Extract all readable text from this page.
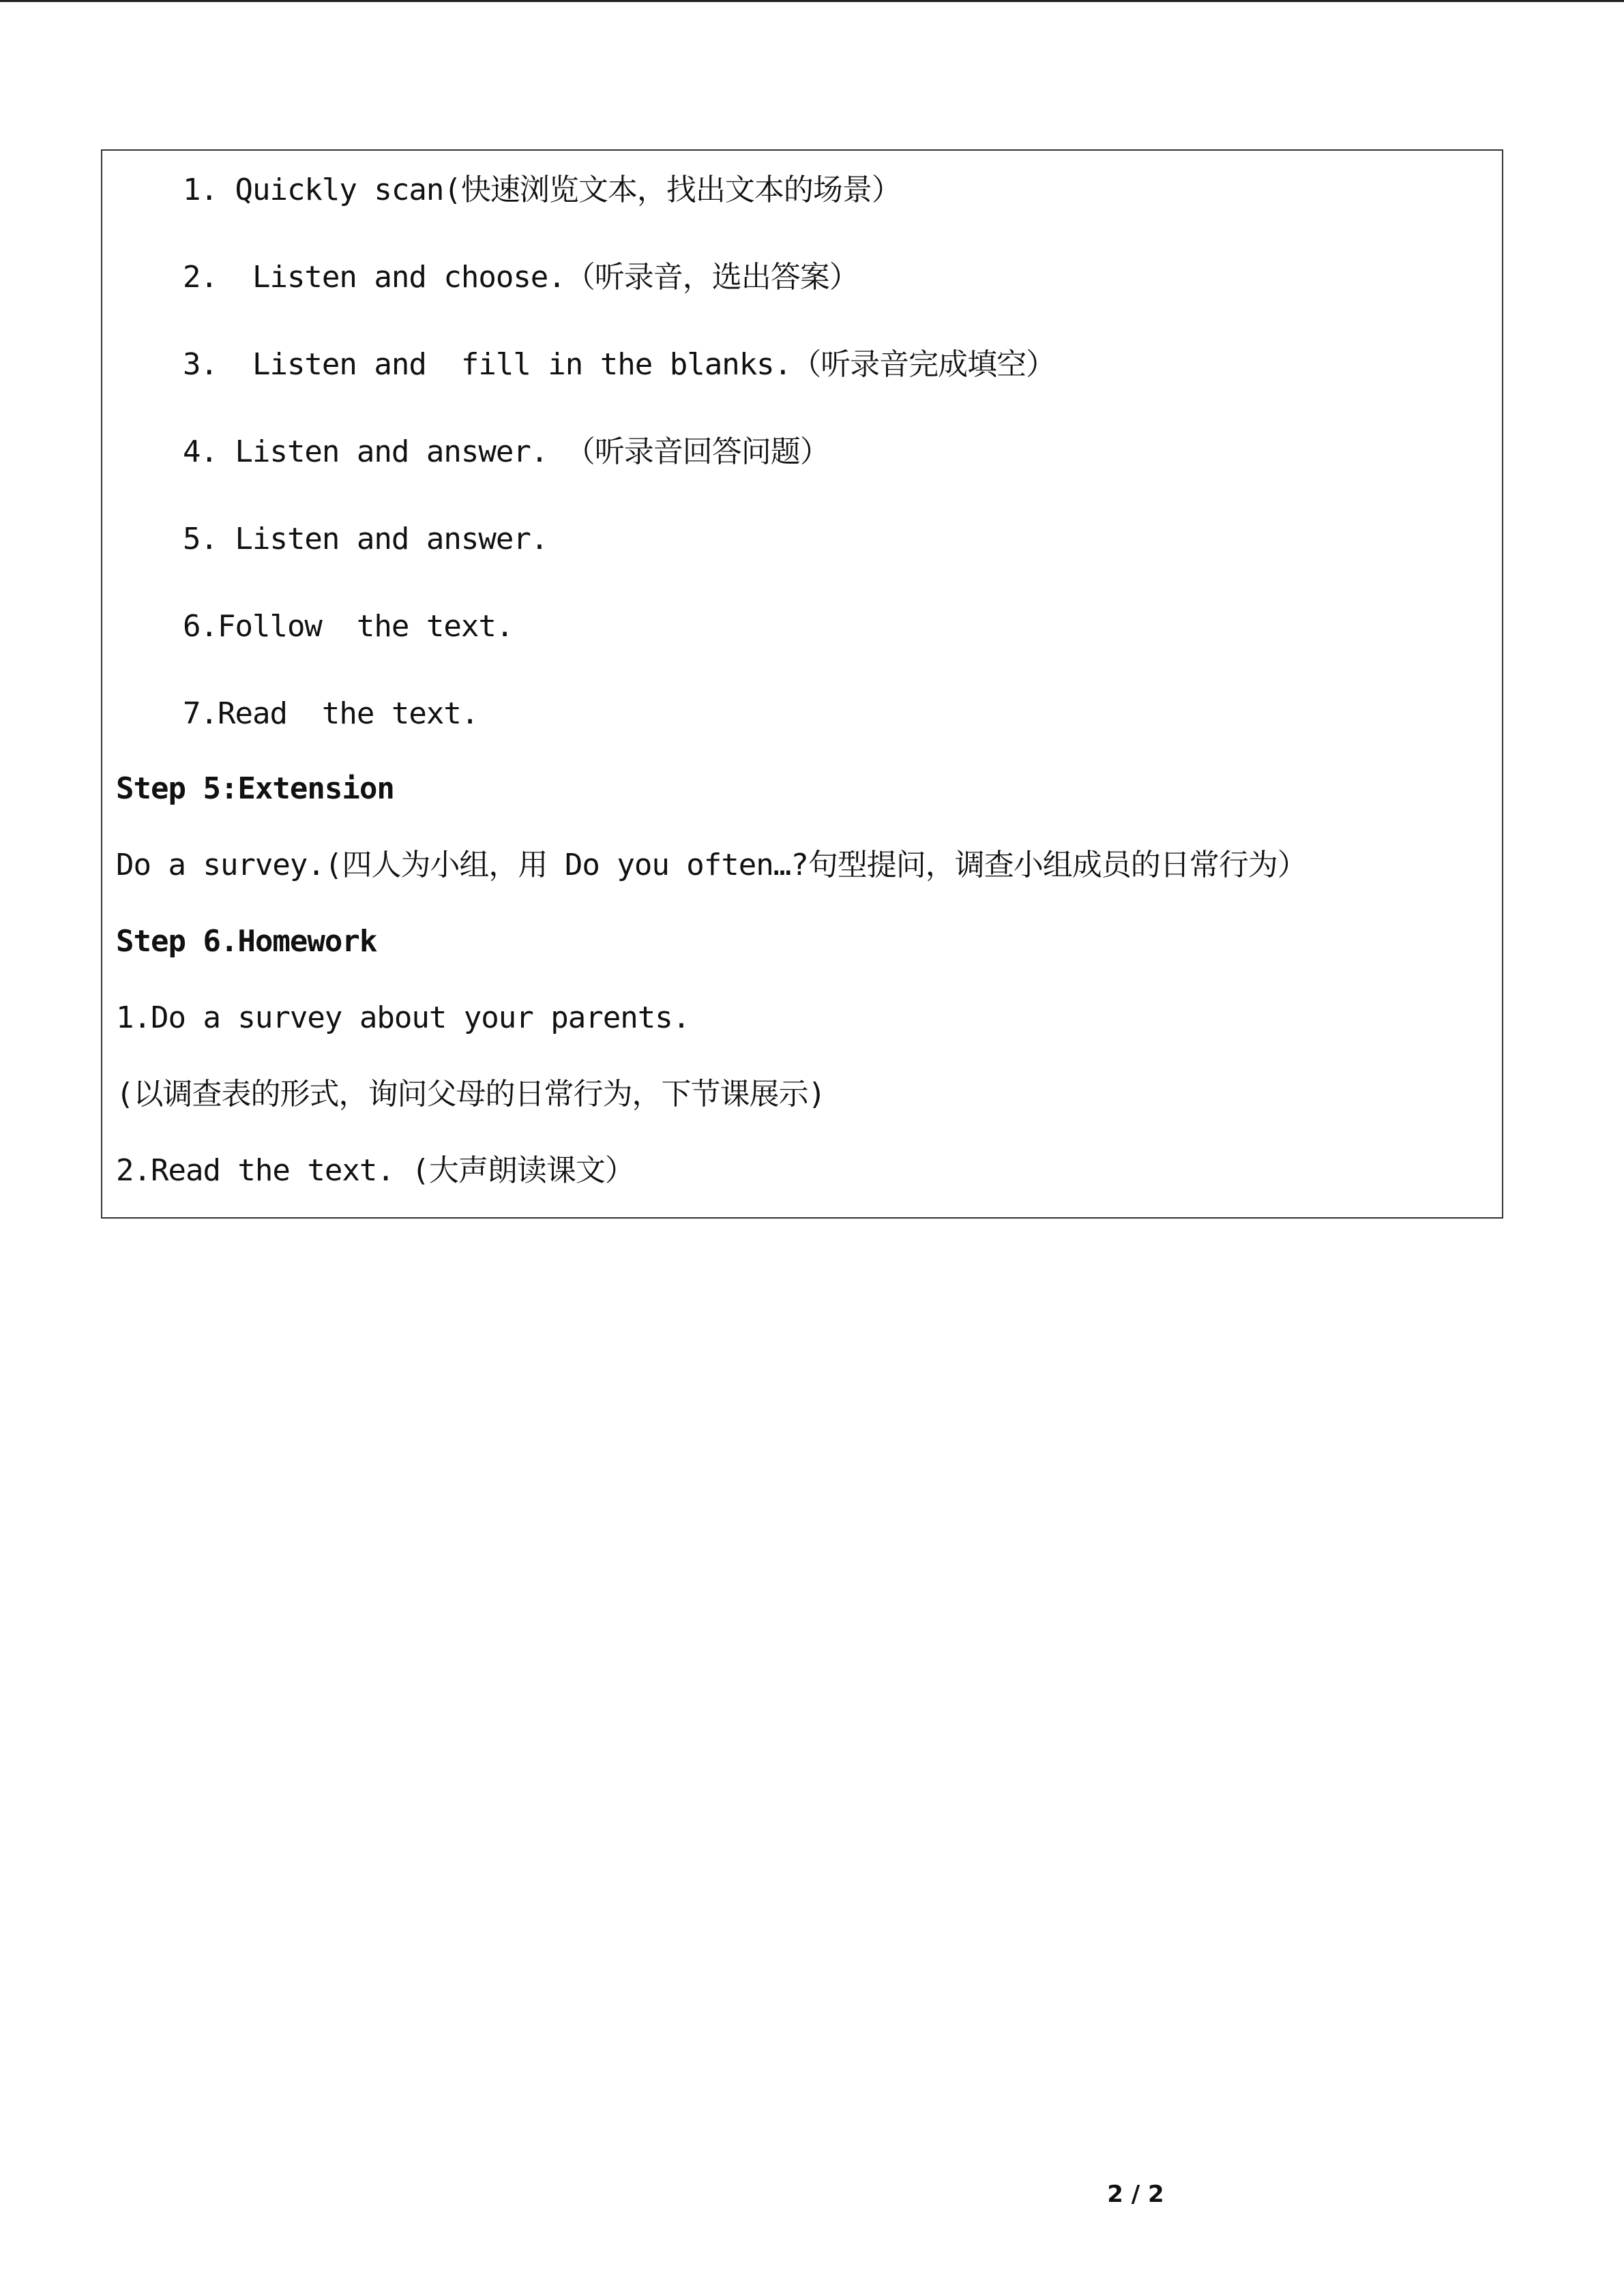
1. Quickly scan(快速浏览文本，找出文本的场景）
2.  Listen and choose.（听录音，选出答案）
3.  Listen and  fill in the blanks.（听录音完成填空）
4. Listen and answer. （听录音回答问题）
5. Listen and answer.
6.Follow  the text.
7.Read  the text.
Step 5:Extension
Do a survey.(四人为小组，用 Do you often…?句型提问，调查小组成员的日常行为）
Step 6.Homework
1.Do a survey about your parents.
(以调查表的形式，询问父母的日常行为，下节课展示)
2.Read the text. (大声朗读课文）
2 / 2
